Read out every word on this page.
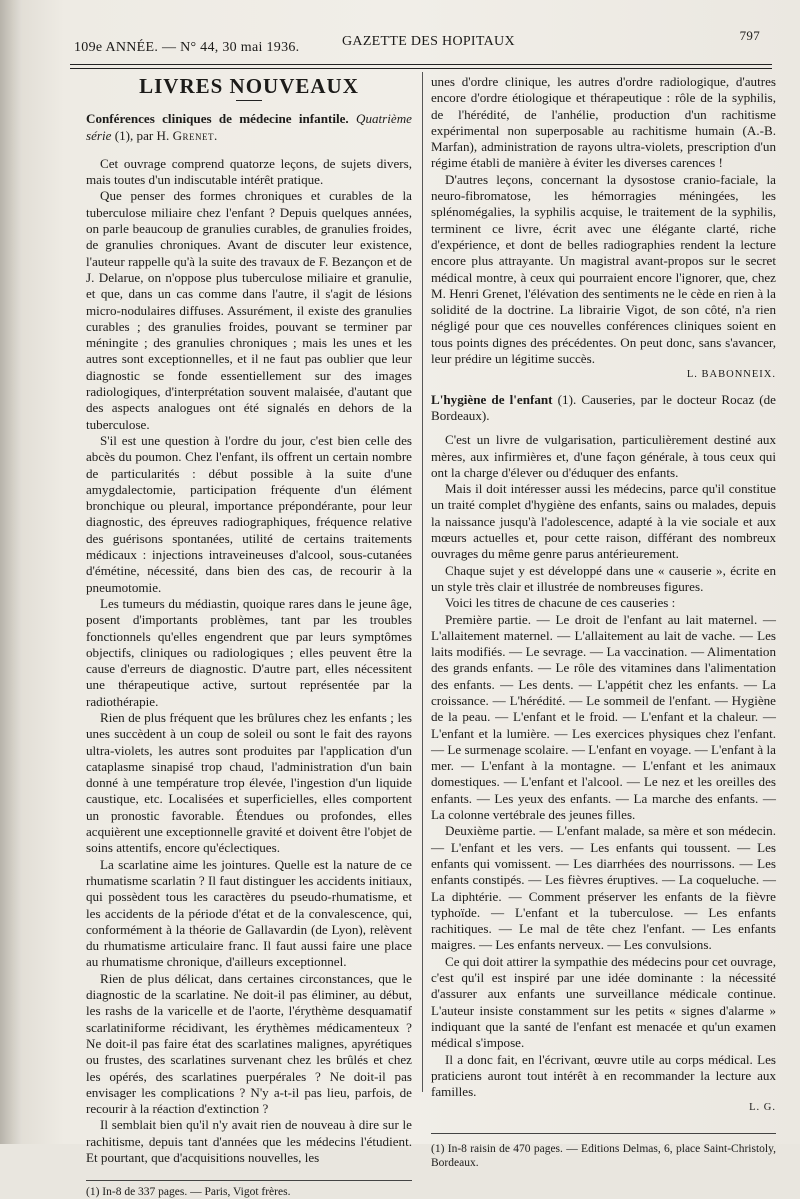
109e ANNÉE. — N° 44, 30 mai 1936.	GAZETTE DES HOPITAUX	797
LIVRES NOUVEAUX

Conférences cliniques de médecine infantile. Quatrième série (1), par H. Grenet.

Cet ouvrage comprend quatorze leçons, de sujets divers, mais toutes d'un indiscutable intérêt pratique.

Que penser des formes chroniques et curables de la tuberculose miliaire chez l'enfant ? Depuis quelques années, on parle beaucoup de granulies curables, de granulies froides, de granulies chroniques. Avant de discuter leur existence, l'auteur rappelle qu'à la suite des travaux de F. Bezançon et de J. Delarue, on n'oppose plus tuberculose miliaire et granulie, et que, dans un cas comme dans l'autre, il s'agit de lésions micro-nodulaires diffuses. Assurément, il existe des granulies curables ; des granulies froides, pouvant se terminer par méningite ; des granulies chroniques ; mais les unes et les autres sont exceptionnelles, et il ne faut pas oublier que leur diagnostic se fonde essentiellement sur des images radiologiques, d'interprétation souvent malaisée, d'autant que des aspects analogues ont été signalés en dehors de la tuberculose.

S'il est une question à l'ordre du jour, c'est bien celle des abcès du poumon. Chez l'enfant, ils offrent un certain nombre de particularités : début possible à la suite d'une amygdalectomie, participation fréquente d'un élément bronchique ou pleural, importance prépondérante, pour leur diagnostic, des épreuves radiographiques, fréquence relative des guérisons spontanées, utilité de certains traitements médicaux : injections intraveineuses d'alcool, sous-cutanées d'émétine, nécessité, dans bien des cas, de recourir à la pneumotomie.

Les tumeurs du médiastin, quoique rares dans le jeune âge, posent d'importants problèmes, tant par les troubles fonctionnels qu'elles engendrent que par leurs symptômes objectifs, cliniques ou radiologiques ; elles peuvent être la cause d'erreurs de diagnostic. D'autre part, elles nécessitent une thérapeutique active, surtout représentée par la radiothérapie.

Rien de plus fréquent que les brûlures chez les enfants ; les unes succèdent à un coup de soleil ou sont le fait des rayons ultra-violets, les autres sont produites par l'application d'un cataplasme sinapisé trop chaud, l'administration d'un bain donné à une température trop élevée, l'ingestion d'un liquide caustique, etc. Localisées et superficielles, elles comportent un pronostic favorable. Étendues ou profondes, elles acquièrent une exceptionnelle gravité et doivent être l'objet de soins attentifs, encore qu'éclectiques.

La scarlatine aime les jointures. Quelle est la nature de ce rhumatisme scarlatin ? Il faut distinguer les accidents initiaux, qui possèdent tous les caractères du pseudo-rhumatisme, et les accidents de la période d'état et de la convalescence, qui, conformément à la théorie de Gallavardin (de Lyon), relèvent du rhumatisme articulaire franc. Il faut aussi faire une place au rhumatisme chronique, d'ailleurs exceptionnel.

Rien de plus délicat, dans certaines circonstances, que le diagnostic de la scarlatine. Ne doit-il pas éliminer, au début, les rashs de la varicelle et de l'aorte, l'érythème desquamatif scarlatiniforme récidivant, les érythèmes médicamenteux ? Ne doit-il pas faire état des scarlatines malignes, apyrétiques ou frustes, des scarlatines survenant chez les brûlés et chez les opérés, des scarlatines puerpérales ? Ne doit-il pas envisager les complications ? N'y a-t-il pas lieu, parfois, de recourir à la réaction d'extinction ?

Il semblait bien qu'il n'y avait rien de nouveau à dire sur le rachitisme, depuis tant d'années que les médecins l'étudient. Et pourtant, que d'acquisitions nouvelles, les

(1) In-8 de 337 pages. — Paris, Vigot frères.

unes d'ordre clinique, les autres d'ordre radiologique, d'autres encore d'ordre étiologique et thérapeutique : rôle de la syphilis, de l'hérédité, de l'anhélie, production d'un rachitisme expérimental non superposable au rachitisme humain (A.-B. Marfan), administration de rayons ultra-violets, prescription d'un régime établi de manière à éviter les diverses carences !

D'autres leçons, concernant la dysostose cranio-faciale, la neuro-fibromatose, les hémorragies méningées, les splénomégalies, la syphilis acquise, le traitement de la syphilis, terminent ce livre, écrit avec une élégante clarté, riche d'expérience, et dont de belles radiographies rendent la lecture encore plus attrayante. Un magistral avant-propos sur le secret médical montre, à ceux qui pourraient encore l'ignorer, que, chez M. Henri Grenet, l'élévation des sentiments ne le cède en rien à la solidité de la doctrine. La librairie Vigot, de son côté, n'a rien négligé pour que ces nouvelles conférences cliniques soient en tous points dignes des précédentes. On peut donc, sans s'avancer, leur prédire un légitime succès.

L. BABONNEIX.

L'hygiène de l'enfant (1). Causeries, par le docteur Rocaz (de Bordeaux).

C'est un livre de vulgarisation, particulièrement destiné aux mères, aux infirmières et, d'une façon générale, à tous ceux qui ont la charge d'élever ou d'éduquer des enfants.

Mais il doit intéresser aussi les médecins, parce qu'il constitue un traité complet d'hygiène des enfants, sains ou malades, depuis la naissance jusqu'à l'adolescence, adapté à la vie sociale et aux mœurs actuelles et, pour cette raison, différant des nombreux ouvrages du même genre parus antérieurement.

Chaque sujet y est développé dans une « causerie », écrite en un style très clair et illustrée de nombreuses figures.

Voici les titres de chacune de ces causeries :

Première partie. — Le droit de l'enfant au lait maternel. — L'allaitement maternel. — L'allaitement au lait de vache. — Les laits modifiés. — Le sevrage. — La vaccination. — Alimentation des grands enfants. — Le rôle des vitamines dans l'alimentation des enfants. — Les dents. — L'appétit chez les enfants. — La croissance. — L'hérédité. — Le sommeil de l'enfant. — Hygiène de la peau. — L'enfant et le froid. — L'enfant et la chaleur. — L'enfant et la lumière. — Les exercices physiques chez l'enfant. — Le surmenage scolaire. — L'enfant en voyage. — L'enfant à la mer. — L'enfant à la montagne. — L'enfant et les animaux domestiques. — L'enfant et l'alcool. — Le nez et les oreilles des enfants. — Les yeux des enfants. — La marche des enfants. — La colonne vertébrale des jeunes filles.

Deuxième partie. — L'enfant malade, sa mère et son médecin. — L'enfant et les vers. — Les enfants qui toussent. — Les enfants qui vomissent. — Les diarrhées des nourrissons. — Les enfants constipés. — Les fièvres éruptives. — La coqueluche. — La diphtérie. — Comment préserver les enfants de la fièvre typhoïde. — L'enfant et la tuberculose. — Les enfants rachitiques. — Le mal de tête chez l'enfant. — Les enfants maigres. — Les enfants nerveux. — Les convulsions.

Ce qui doit attirer la sympathie des médecins pour cet ouvrage, c'est qu'il est inspiré par une idée dominante : la nécessité d'assurer aux enfants une surveillance médicale continue. L'auteur insiste constamment sur les petits « signes d'alarme » indiquant que la santé de l'enfant est menacée et qu'un examen médical s'impose.

Il a donc fait, en l'écrivant, œuvre utile au corps médical. Les praticiens auront tout intérêt à en recommander la lecture aux familles.

L. G.

(1) In-8 raisin de 470 pages. — Editions Delmas, 6, place Saint-Christoly, Bordeaux.
